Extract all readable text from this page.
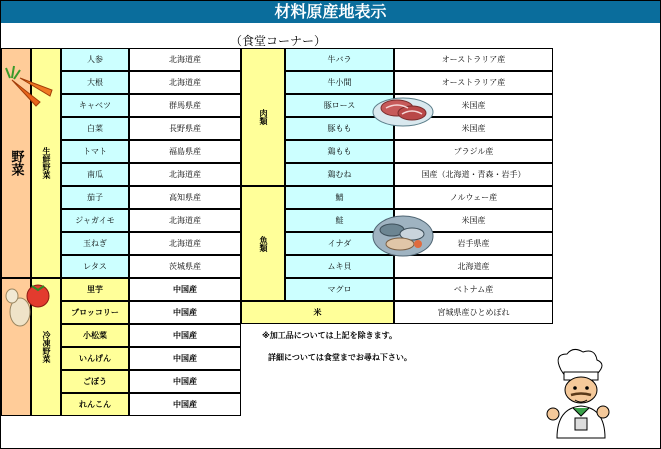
材料原産地表示
（食堂コーナー）
野菜	生鮮野菜
冷凍野菜
人参	北海道産
大根	北海道産
キャベツ	群馬県産
白菜	長野県産
トマト	福島県産
南瓜	北海道産
茄子	高知県産
ジャガイモ	北海道産
玉ねぎ	北海道産
レタス	茨城県産
里芋	中国産
ブロッコリー	中国産
小松菜	中国産
いんげん	中国産
ごぼう	中国産
れんこん	中国産
肉類
牛バラ	オーストラリア産
牛小間	オーストラリア産
豚ロース	米国産
豚もも	米国産
鶏もも	ブラジル産
鶏むね	国産（北海道・青森・岩手）
魚類
鯖	ノルウェー産
鮭	米国産
イナダ	岩手県産
ムキ貝	北海道産
マグロ	ベトナム産
米	宮城県産ひとめぼれ
※加工品については上記を除きます。
詳細については食堂までお尋ね下さい。
